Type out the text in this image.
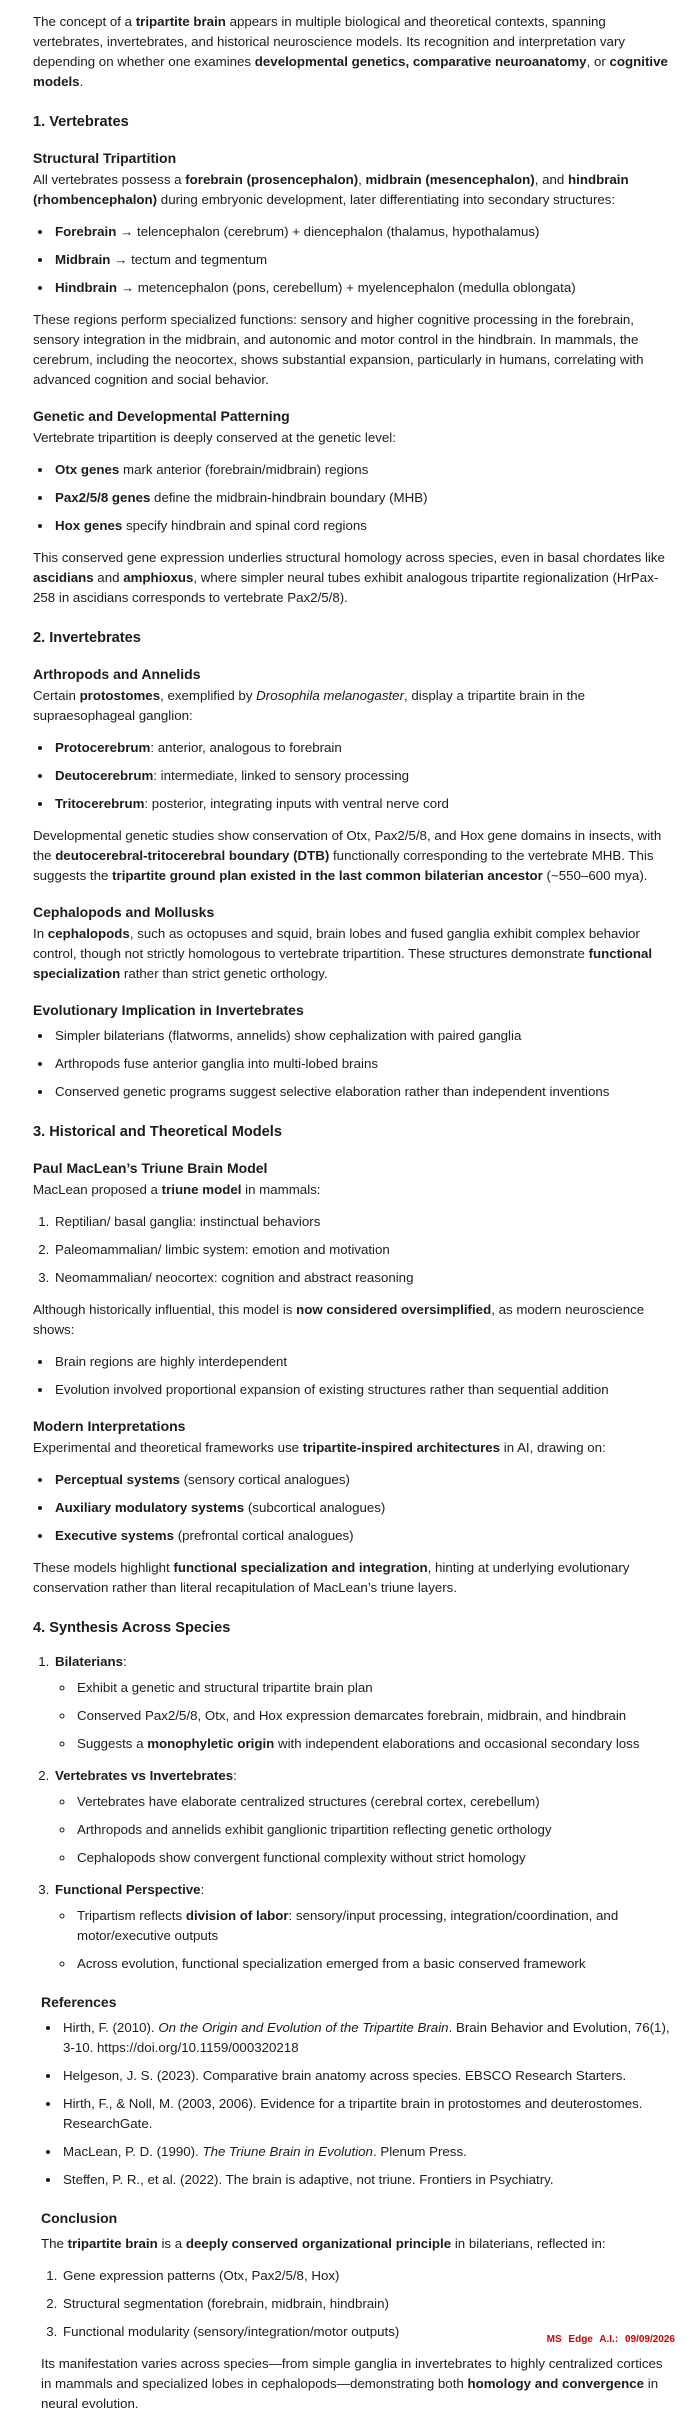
The concept of a tripartite brain appears in multiple biological and theoretical contexts, spanning vertebrates, invertebrates, and historical neuroscience models. Its recognition and interpretation vary depending on whether one examines developmental genetics, comparative neuroanatomy, or cognitive models.

1. Vertebrates
Structural Tripartition

All vertebrates possess a forebrain (prosencephalon), midbrain (mesencephalon), and hindbrain (rhombencephalon) during embryonic development, later differentiating into secondary structures:

• Forebrain → telencephalon (cerebrum) + diencephalon (thalamus, hypothalamus)
• Midbrain → tectum and tegmentum
• Hindbrain → metencephalon (pons, cerebellum) + myelencephalon (medulla oblongata)

These regions perform specialized functions: sensory and higher cognitive processing in the forebrain, sensory integration in the midbrain, and autonomic and motor control in the hindbrain. In mammals, the cerebrum, including the neocortex, shows substantial expansion, particularly in humans, correlating with advanced cognition and social behavior.

Genetic and Developmental Patterning

Vertebrate tripartition is deeply conserved at the genetic level:

• Otx genes mark anterior (forebrain/midbrain) regions
• Pax2/5/8 genes define the midbrain-hindbrain boundary (MHB)
• Hox genes specify hindbrain and spinal cord regions

This conserved gene expression underlies structural homology across species, even in basal chordates like ascidians and amphioxus, where simpler neural tubes exhibit analogous tripartite regionalization (HrPax-258 in ascidians corresponds to vertebrate Pax2/5/8).

2. Invertebrates
Arthropods and Annelids

Certain protostomes, exemplified by Drosophila melanogaster, display a tripartite brain in the supraesophageal ganglion:

• Protocerebrum: anterior, analogous to forebrain
• Deutocerebrum: intermediate, linked to sensory processing
• Tritocerebrum: posterior, integrating inputs with ventral nerve cord

Developmental genetic studies show conservation of Otx, Pax2/5/8, and Hox gene domains in insects, with the deutocerebral-tritocerebral boundary (DTB) functionally corresponding to the vertebrate MHB. This suggests the tripartite ground plan existed in the last common bilaterian ancestor (~550–600 mya).

Cephalopods and Mollusks

In cephalopods, such as octopuses and squid, brain lobes and fused ganglia exhibit complex behavior control, though not strictly homologous to vertebrate tripartition. These structures demonstrate functional specialization rather than strict genetic orthology.

Evolutionary Implication in Invertebrates
• Simpler bilaterians (flatworms, annelids) show cephalization with paired ganglia
• Arthropods fuse anterior ganglia into multi-lobed brains
• Conserved genetic programs suggest selective elaboration rather than independent inventions
3. Historical and Theoretical Models
Paul MacLean’s Triune Brain Model

MacLean proposed a triune model in mammals:

1. Reptilian/ basal ganglia: instinctual behaviors
2. Paleomammalian/ limbic system: emotion and motivation
3. Neomammalian/ neocortex: cognition and abstract reasoning

Although historically influential, this model is now considered oversimplified, as modern neuroscience shows:

• Brain regions are highly interdependent
• Evolution involved proportional expansion of existing structures rather than sequential addition
Modern Interpretations

Experimental and theoretical frameworks use tripartite-inspired architectures in AI, drawing on:

• Perceptual systems (sensory cortical analogues)
• Auxiliary modulatory systems (subcortical analogues)
• Executive systems (prefrontal cortical analogues)

These models highlight functional specialization and integration, hinting at underlying evolutionary conservation rather than literal recapitulation of MacLean’s triune layers.

4. Synthesis Across Species
1. Bilaterians:
◦ Exhibit a genetic and structural tripartite brain plan
◦ Conserved Pax2/5/8, Otx, and Hox expression demarcates forebrain, midbrain, and hindbrain
◦ Suggests a monophyletic origin with independent elaborations and occasional secondary loss
2. Vertebrates vs Invertebrates:
◦ Vertebrates have elaborate centralized structures (cerebral cortex, cerebellum)
◦ Arthropods and annelids exhibit ganglionic tripartition reflecting genetic orthology
◦ Cephalopods show convergent functional complexity without strict homology
3. Functional Perspective:
◦ Tripartism reflects division of labor: sensory/input processing, integration/coordination, and motor/executive outputs
◦ Across evolution, functional specialization emerged from a basic conserved framework
References
• Hirth, F. (2010). On the Origin and Evolution of the Tripartite Brain. Brain Behavior and Evolution, 76(1), 3-10. https://doi.org/10.1159/000320218
• Helgeson, J. S. (2023). Comparative brain anatomy across species. EBSCO Research Starters.
• Hirth, F., & Noll, M. (2003, 2006). Evidence for a tripartite brain in protostomes and deuterostomes. ResearchGate.
• MacLean, P. D. (1990). The Triune Brain in Evolution. Plenum Press.
• Steffen, P. R., et al. (2022). The brain is adaptive, not triune. Frontiers in Psychiatry.
Conclusion

The tripartite brain is a deeply conserved organizational principle in bilaterians, reflected in:

1. Gene expression patterns (Otx, Pax2/5/8, Hox)
2. Structural segmentation (forebrain, midbrain, hindbrain)
3. Functional modularity (sensory/integration/motor outputs)

Its manifestation varies across species—from simple ganglia in invertebrates to highly centralized cortices in mammals and specialized lobes in cephalopods—demonstrating both homology and convergence in neural evolution.

MS Edge A.I.: 09/09/2026
